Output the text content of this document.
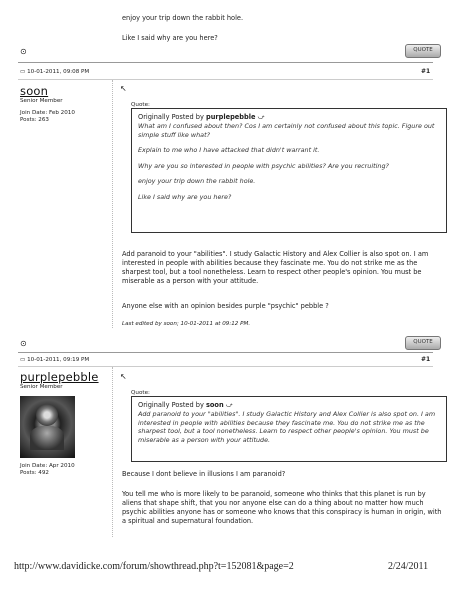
enjoy your trip down the rabbit hole.
Like I said why are you here?
⊙	QUOTE
▭ 10-01-2011, 09:08 PM	#1
soon
Senior Member
Join Date: Feb 2010
Posts: 263
↖
Quote:
Originally Posted by purplepebble ⤻
What am I confused about then? Cos I am certainly not confused about this topic. Figure out simple stuff like what?
Explain to me who I have attacked that didn't warrant it.
Why are you so interested in people with psychic abilities? Are you recruiting?
enjoy your trip down the rabbit hole.
Like I said why are you here?
Add paranoid to your "abilities". I study Galactic History and Alex Collier is also spot on. I am interested in people with abilities because they fascinate me. You do not strike me as the sharpest tool, but a tool nonetheless. Learn to respect other people's opinion. You must be miserable as a person with your attitude.
Anyone else with an opinion besides purple "psychic" pebble ?
Last edited by soon; 10-01-2011 at 09:12 PM.
⊙	QUOTE
▭ 10-01-2011, 09:19 PM	#1
purplepebble
Senior Member
Join Date: Apr 2010
Posts: 492
↖
Quote:
Originally Posted by soon ⤻
Add paranoid to your "abilities". I study Galactic History and Alex Collier is also spot on. I am interested in people with abilities because they fascinate me. You do not strike me as the sharpest tool, but a tool nonetheless. Learn to respect other people's opinion. You must be miserable as a person with your attitude.
Because I dont believe in illusions I am paranoid?
You tell me who is more likely to be paranoid, someone who thinks that this planet is run by aliens that shape shift, that you nor anyone else can do a thing about no matter how much psychic abilities anyone has or someone who knows that this conspiracy is human in origin, with a spiritual and supernatural foundation.
http://www.davidicke.com/forum/showthread.php?t=152081&page=2	2/24/2011
